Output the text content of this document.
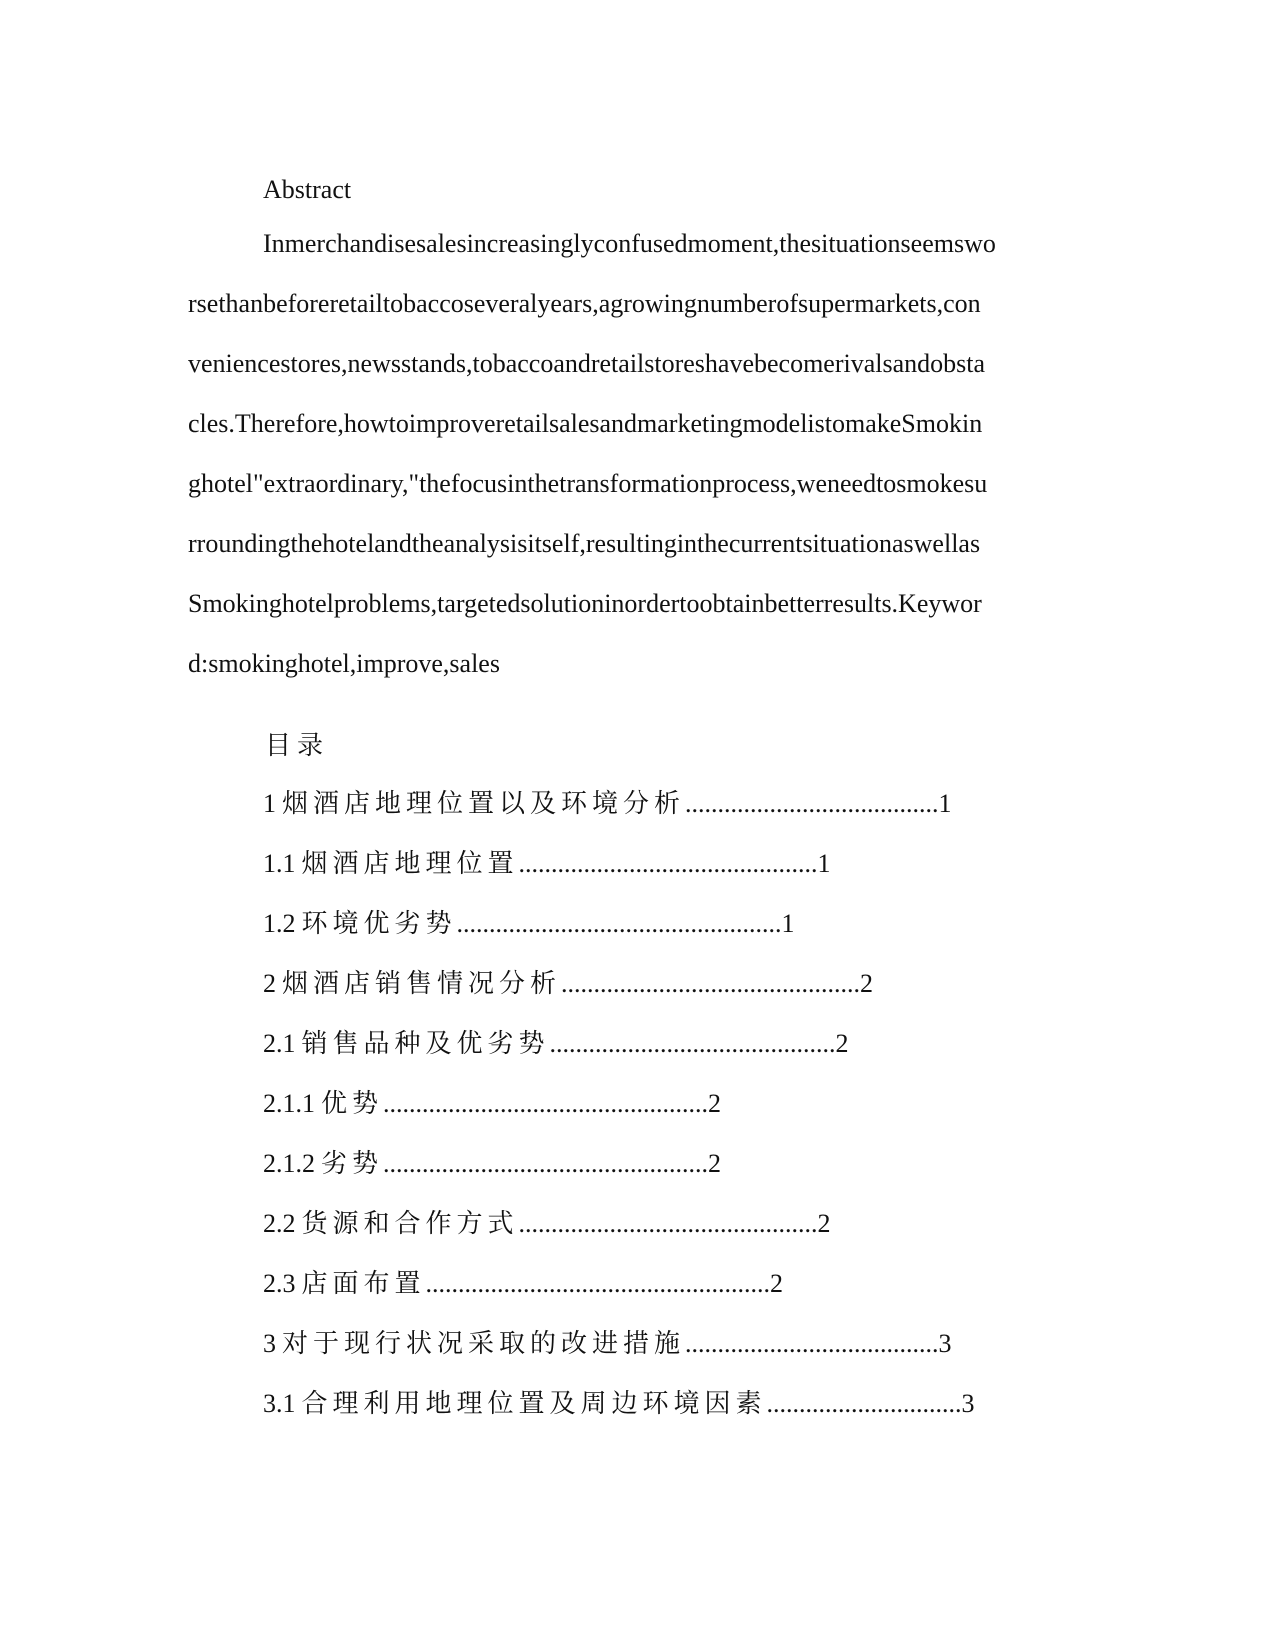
Abstract
Inmerchandisesalesincreasinglyconfusedmoment,thesituationseemswo
rsethanbeforeretailtobaccoseveralyears,agrowingnumberofsupermarkets,con
veniencestores,newsstands,tobaccoandretailstoreshavebecomerivalsandobsta
cles.Therefore,howtoimproveretailsalesandmarketingmodelistomakeSmokin
ghotel"extraordinary,"thefocusinthetransformationprocess,weneedtosmokesu
rroundingthehotelandtheanalysisitself,resultinginthecurrentsituationaswellas
Smokinghotelproblems,targetedsolutioninordertoobtainbetterresults.Keywor
d:smokinghotel,improve,sales
目录
1 烟酒店地理位置以及环境分析.......................................1
1.1 烟酒店地理位置..............................................1
1.2 环境优劣势..................................................1
2 烟酒店销售情况分析..............................................2
2.1 销售品种及优劣势............................................2
2.1.1 优势..................................................2
2.1.2 劣势..................................................2
2.2 货源和合作方式..............................................2
2.3 店面布置.....................................................2
3 对于现行状况采取的改进措施.......................................3
3.1 合理利用地理位置及周边环境因素..............................3
